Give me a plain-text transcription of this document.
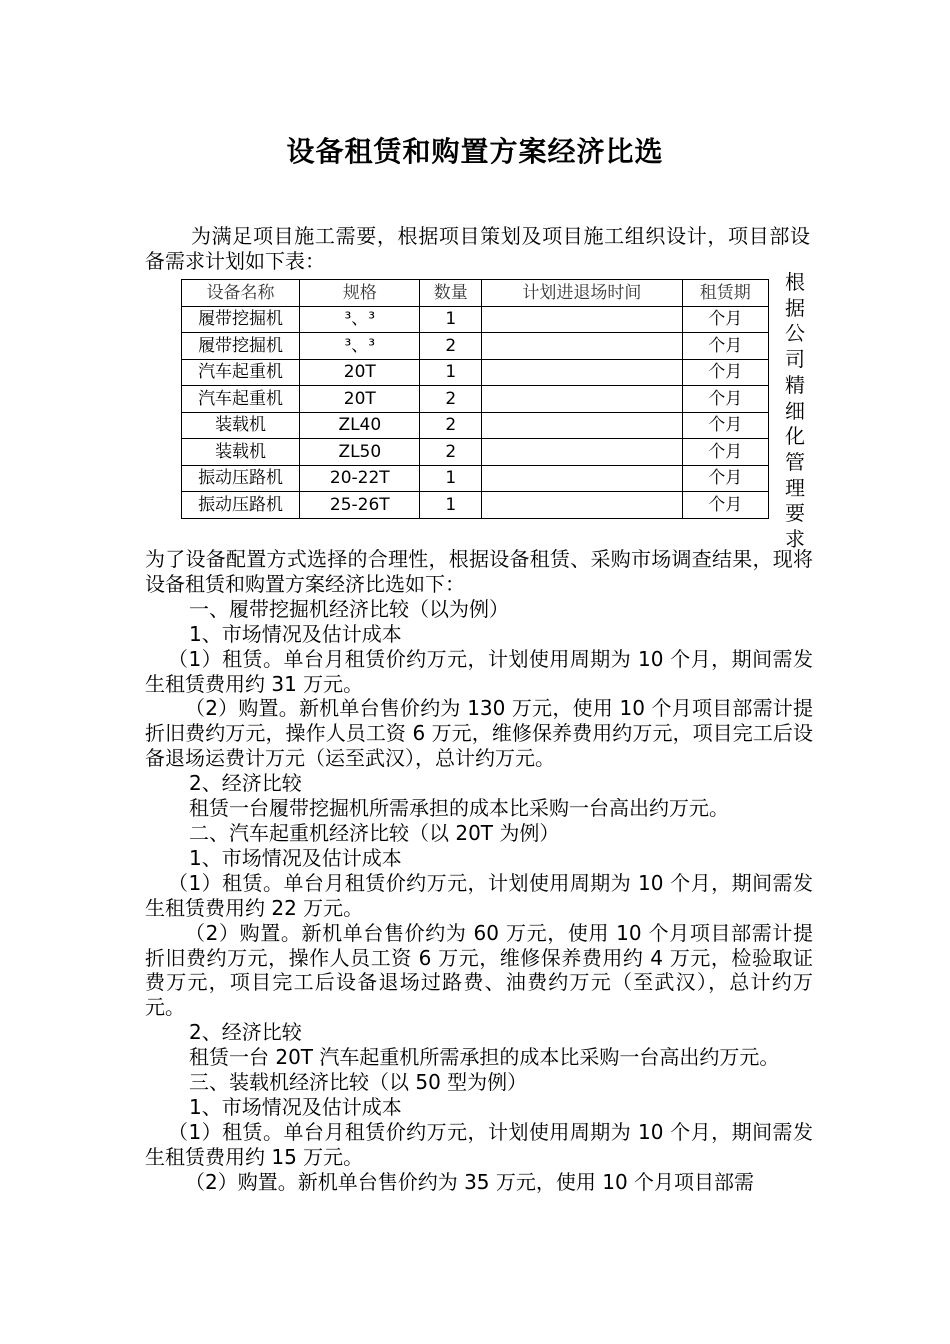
设备租赁和购置方案经济比选

为满足项目施工需要，根据项目策划及项目施工组织设计，项目部设备需求计划如下表：

设备名称	规格	数量	计划进退场时间	租赁期
履带挖掘机	³、³	1		个月
履带挖掘机	³、³	2		个月
汽车起重机	20T	1		个月
汽车起重机	20T	2		个月
装载机	ZL40	2		个月
装载机	ZL50	2		个月
振动压路机	20-22T	1		个月
振动压路机	25-26T	1		个月
根
据
公
司
精
细
化
管
理
要
求

为了设备配置方式选择的合理性，根据设备租赁、采购市场调查结果，现将设备租赁和购置方案经济比选如下：

一、履带挖掘机经济比较（以为例）

1、市场情况及估计成本

（1）租赁。单台月租赁价约万元，计划使用周期为 10 个月，期间需发生租赁费用约 31 万元。

（2）购置。新机单台售价约为 130 万元，使用 10 个月项目部需计提折旧费约万元，操作人员工资 6 万元，维修保养费用约万元，项目完工后设备退场运费计万元（运至武汉），总计约万元。

2、经济比较

租赁一台履带挖掘机所需承担的成本比采购一台高出约万元。

二、汽车起重机经济比较（以 20T 为例）

1、市场情况及估计成本

（1）租赁。单台月租赁价约万元，计划使用周期为 10 个月，期间需发生租赁费用约 22 万元。

（2）购置。新机单台售价约为 60 万元，使用 10 个月项目部需计提折旧费约万元，操作人员工资 6 万元，维修保养费用约 4 万元，检验取证费万元，项目完工后设备退场过路费、油费约万元（至武汉），总计约万元。

2、经济比较

租赁一台 20T 汽车起重机所需承担的成本比采购一台高出约万元。

三、装载机经济比较（以 50 型为例）

1、市场情况及估计成本

（1）租赁。单台月租赁价约万元，计划使用周期为 10 个月，期间需发生租赁费用约 15 万元。

（2）购置。新机单台售价约为 35 万元，使用 10 个月项目部需
